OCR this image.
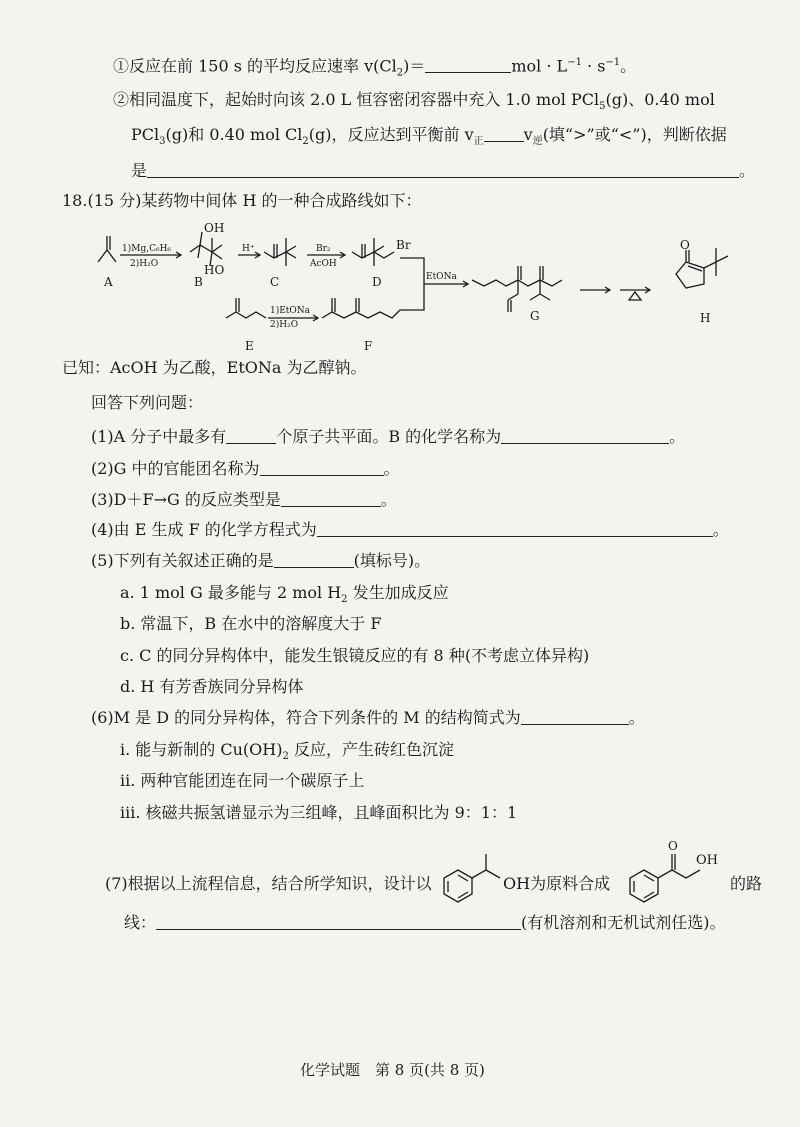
①反应在前 150 s 的平均反应速率 $v(Cl_2)=$	mol · $L^{-1} \cdot s^{-1}$。
②相同温度下，起始时向该 2.0 L 恒容密闭容器中充入 1.0 mol PCl$_5$(g)、0.40 mol
PCl$_3$(g)和 0.40 mol $Cl_2(g)$，反应达到平衡前 $v_正$	$v_逆$(填“>”或“<”)，判断依据
是	。
18.(15 分)某药物中间体 H 的一种合成路线如下：
A	B	C	D
E	F
G	H
1)Mg,C₆H₆
2)H₂O
H⁺	Br₂
AcOH
EtONa
1)EtONa
2)H₂O
OH
HO
Br	O
已知：AcOH 为乙酸，EtONa 为乙醇钠。
回答下列问题：
(1)A 分子中最多有	个原子共平面。B 的化学名称为	。
(2)G 中的官能团名称为	。
(3)D＋F→G 的反应类型是	。
(4)由 E 生成 F 的化学方程式为	。
(5)下列有关叙述正确的是	(填标号)。
a. 1 mol G 最多能与 2 mol $H_2$ 发生加成反应
b. 常温下，B 在水中的溶解度大于 F
c. C 的同分异构体中，能发生银镜反应的有 8 种(不考虑立体异构)
d. H 有芳香族同分异构体
(6)M 是 D 的同分异构体，符合下列条件的 M 的结构简式为	。
ⅰ. 能与新制的 $Cu(OH)_2$ 反应，产生砖红色沉淀
ⅱ. 两种官能团连在同一个碳原子上
ⅲ. 核磁共振氢谱显示为三组峰，且峰面积比为 9：1：1
(7)根据以上流程信息，结合所学知识，设计以	OH为原料合成
O
OH
的路
线：	(有机溶剂和无机试剂任选)。
化学试题　第 8 页(共 8 页)
